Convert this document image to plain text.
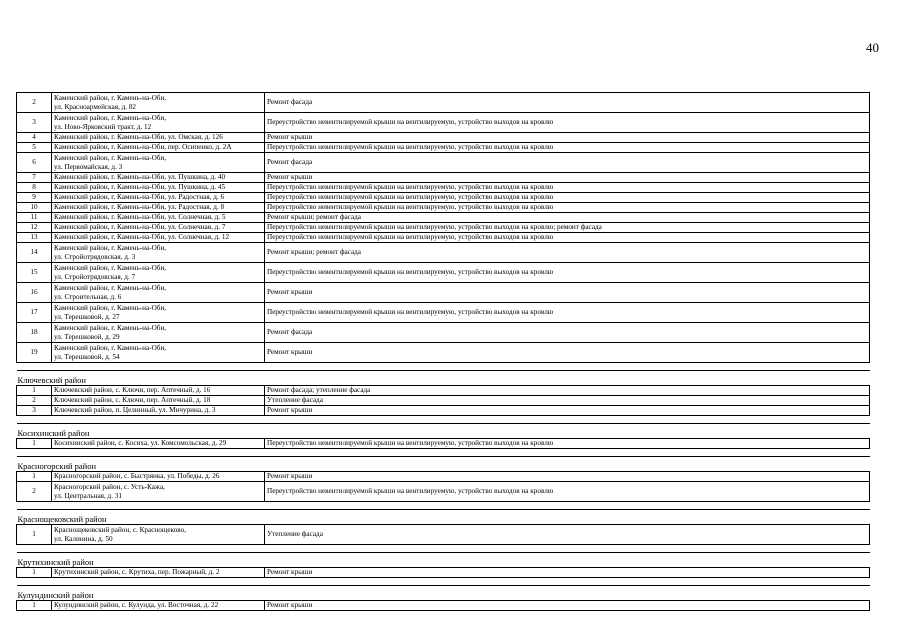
40
2	Каменский район, г. Камень-на-Оби,
ул. Красноармейская, д. 82	Ремонт фасада
3	Каменский район, г. Камень-на-Оби,
ул. Ново-Ярковский тракт, д. 12	Переустройство невентилируемой крыши на вентилируемую, устройство выходов на кровлю
4	Каменский район, г. Камень-на-Оби, ул. Омская, д. 126	Ремонт крыши
5	Каменский район, г. Камень-на-Оби, пер. Осипенко, д. 2А	Переустройство невентилируемой крыши на вентилируемую, устройство выходов на кровлю
6	Каменский район, г. Камень-на-Оби,
ул. Первомайская, д. 3	Ремонт фасада
7	Каменский район, г. Камень-на-Оби, ул. Пушкина, д. 40	Ремонт крыши
8	Каменский район, г. Камень-на-Оби, ул. Пушкина, д. 45	Переустройство невентилируемой крыши на вентилируемую, устройство выходов на кровлю
9	Каменский район, г. Камень-на-Оби, ул. Радостная, д. 6	Переустройство невентилируемой крыши на вентилируемую, устройство выходов на кровлю
10	Каменский район, г. Камень-на-Оби, ул. Радостная, д. 8	Переустройство невентилируемой крыши на вентилируемую, устройство выходов на кровлю
11	Каменский район, г. Камень-на-Оби, ул. Солнечная, д. 5	Ремонт крыши; ремонт фасада
12	Каменский район, г. Камень-на-Оби, ул. Солнечная, д. 7	Переустройство невентилируемой крыши на вентилируемую, устройство выходов на кровлю; ремонт фасада
13	Каменский район, г. Камень-на-Оби, ул. Солнечная, д. 12	Переустройство невентилируемой крыши на вентилируемую, устройство выходов на кровлю
14	Каменский район, г. Камень-на-Оби,
ул. Стройотрядовская, д. 3	Ремонт крыши; ремонт фасада
15	Каменский район, г. Камень-на-Оби,
ул. Стройотрядовская, д. 7	Переустройство невентилируемой крыши на вентилируемую, устройство выходов на кровлю
16	Каменский район, г. Камень-на-Оби,
ул. Строительная, д. 6	Ремонт крыши
17	Каменский район, г. Камень-на-Оби,
ул. Терешковой, д. 27	Переустройство невентилируемой крыши на вентилируемую, устройство выходов на кровлю
18	Каменский район, г. Камень-на-Оби,
ул. Терешковой, д. 29	Ремонт фасада
19	Каменский район, г. Камень-на-Оби,
ул. Терешковой, д. 54	Ремонт крыши

Ключевский район		
1	Ключевский район, с. Ключи, пер. Аптечный, д. 16	Ремонт фасада; утепление фасада
2	Ключевский район, с. Ключи, пер. Аптечный, д. 18	Утепление фасада
3	Ключевский район, п. Целинный, ул. Мичурина, д. 3	Ремонт крыши

Косихинский район		
1	Косихинский район, с. Косиха, ул. Комсомольская, д. 29	Переустройство невентилируемой крыши на вентилируемую, устройство выходов на кровлю

Красногорский район		
1	Красногорский район, с. Быстрянка, ул. Победы, д. 26	Ремонт крыши
2	Красногорский район, с. Усть-Кажа,
ул. Центральная, д. 31	Переустройство невентилируемой крыши на вентилируемую, устройство выходов на кровлю

Краснощековский район		
1	Краснощековский район, с. Краснощеково,
ул. Калинина, д. 50	Утепление фасада

Крутихинский район		
1	Крутихинский район, с. Крутиха, пер. Пожарный, д. 2	Ремонт крыши

Кулундинский район		
1	Кулундинский район, с. Кулунда, ул. Восточная, д. 22	Ремонт крыши
